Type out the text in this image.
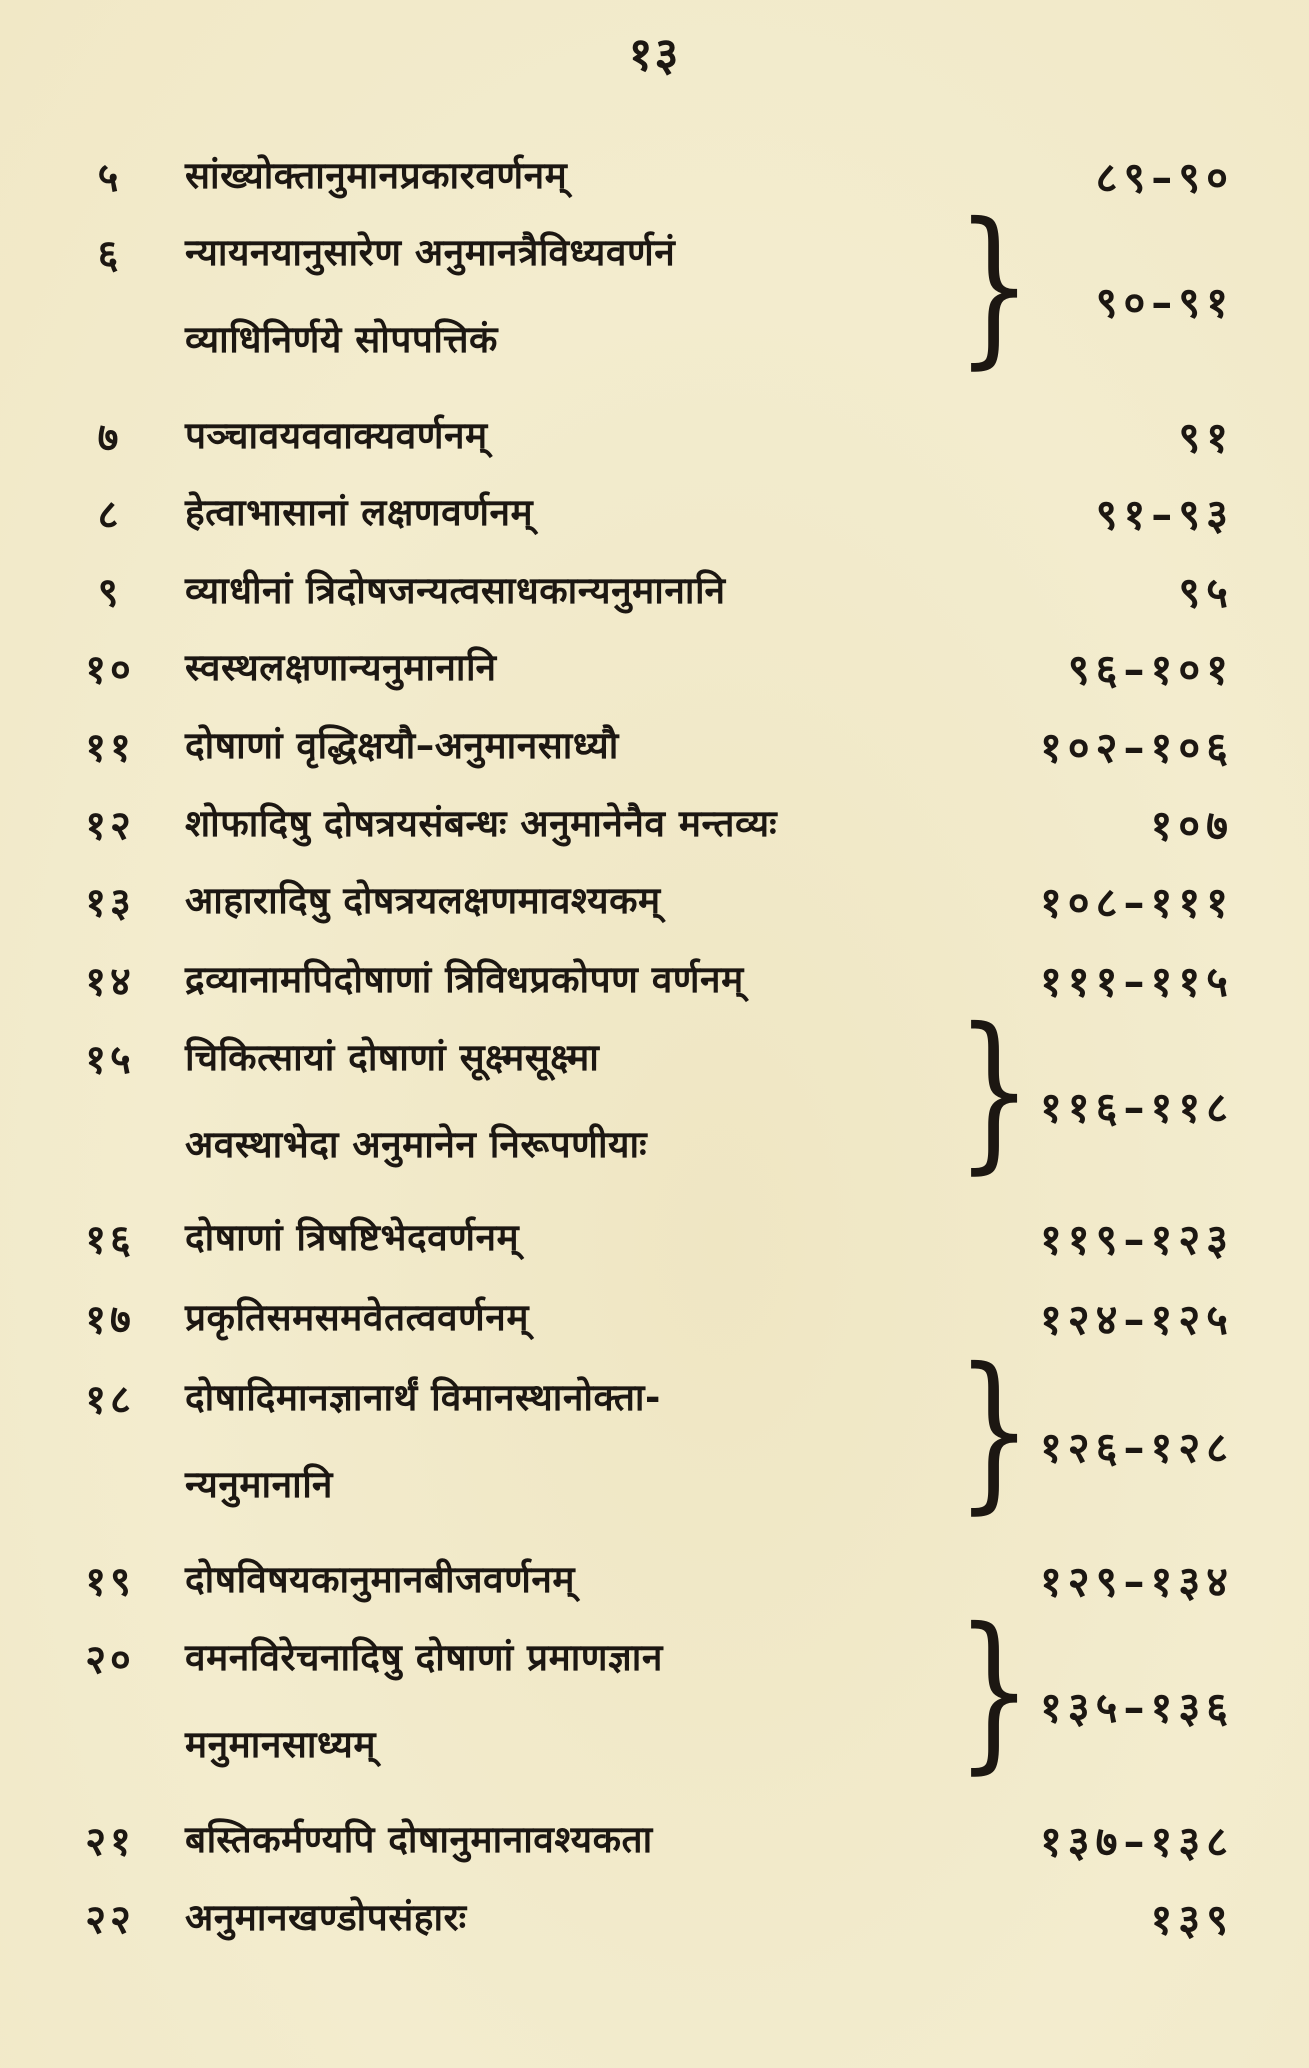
१३
५	सांख्योक्तानुमानप्रकारवर्णनम्	८९–९०
६	न्यायनयानुसारेण अनुमानत्रैविध्यवर्णनं
व्याधिनिर्णये सोपपत्तिकं	} ९०–९१
७	पञ्चावयववाक्यवर्णनम्	९१
८	हेत्वाभासानां लक्षणवर्णनम्	९१–९३
९	व्याधीनां त्रिदोषजन्यत्वसाधकान्यनुमानानि	९५
१०	स्वस्थलक्षणान्यनुमानानि	९६–१०१
११	दोषाणां वृद्धिक्षयौ–अनुमानसाध्यौ	१०२–१०६
१२	शोफादिषु दोषत्रयसंबन्धः अनुमानेनैव मन्तव्यः	१०७
१३	आहारादिषु दोषत्रयलक्षणमावश्यकम्	१०८–१११
१४	द्रव्यानामपिदोषाणां त्रिविधप्रकोपण वर्णनम्	१११–११५
१५	चिकित्सायां दोषाणां सूक्ष्मसूक्ष्मा
अवस्थाभेदा अनुमानेन निरूपणीयाः } ११६–११८
१६	दोषाणां त्रिषष्टिभेदवर्णनम्	११९–१२३
१७	प्रकृतिसमसमवेतत्ववर्णनम्	१२४–१२५
१८	दोषादिमानज्ञानार्थं विमानस्थानोक्ता-
न्यनुमानानि	} १२६–१२८
१९	दोषविषयकानुमानबीजवर्णनम्	१२९–१३४
२०	वमनविरेचनादिषु दोषाणां प्रमाणज्ञान
मनुमानसाध्यम्	} १३५–१३६
२१	बस्तिकर्मण्यपि दोषानुमानावश्यकता	१३७–१३८
२२	अनुमानखण्डोपसंहारः	१३९
